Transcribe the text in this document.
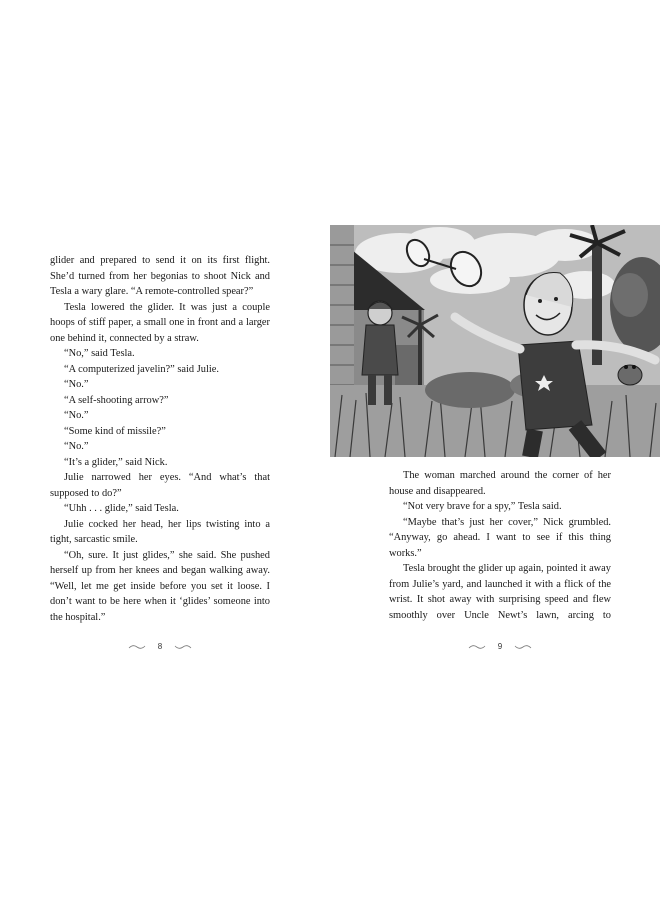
glider and prepared to send it on its first flight. She’d turned from her begonias to shoot Nick and Tesla a wary glare. “A remote-controlled spear?”

Tesla lowered the glider. It was just a couple hoops of stiff paper, a small one in front and a larger one behind it, connected by a straw.

“No,” said Tesla.

“A computerized javelin?” said Julie.

“No.”

“A self-shooting arrow?”

“No.”

“Some kind of missile?”

“No.”

“It’s a glider,” said Nick.

Julie narrowed her eyes. “And what’s that supposed to do?”

“Uhh . . . glide,” said Tesla.

Julie cocked her head, her lips twisting into a tight, sarcastic smile.

“Oh, sure. It just glides,” she said. She pushed herself up from her knees and began walking away. “Well, let me get inside before you set it loose. I don’t want to be here when it ‘glides’ someone into the hospital.”

8	9

The woman marched around the corner of her house and disappeared.

“Not very brave for a spy,” Tesla said.

“Maybe that’s just her cover,” Nick grumbled. “Anyway, go ahead. I want to see if this thing works.”

Tesla brought the glider up again, pointed it away from Julie’s yard, and launched it with a flick of the wrist. It shot away with surprising speed and flew smoothly over Uncle Newt’s lawn, arcing to
